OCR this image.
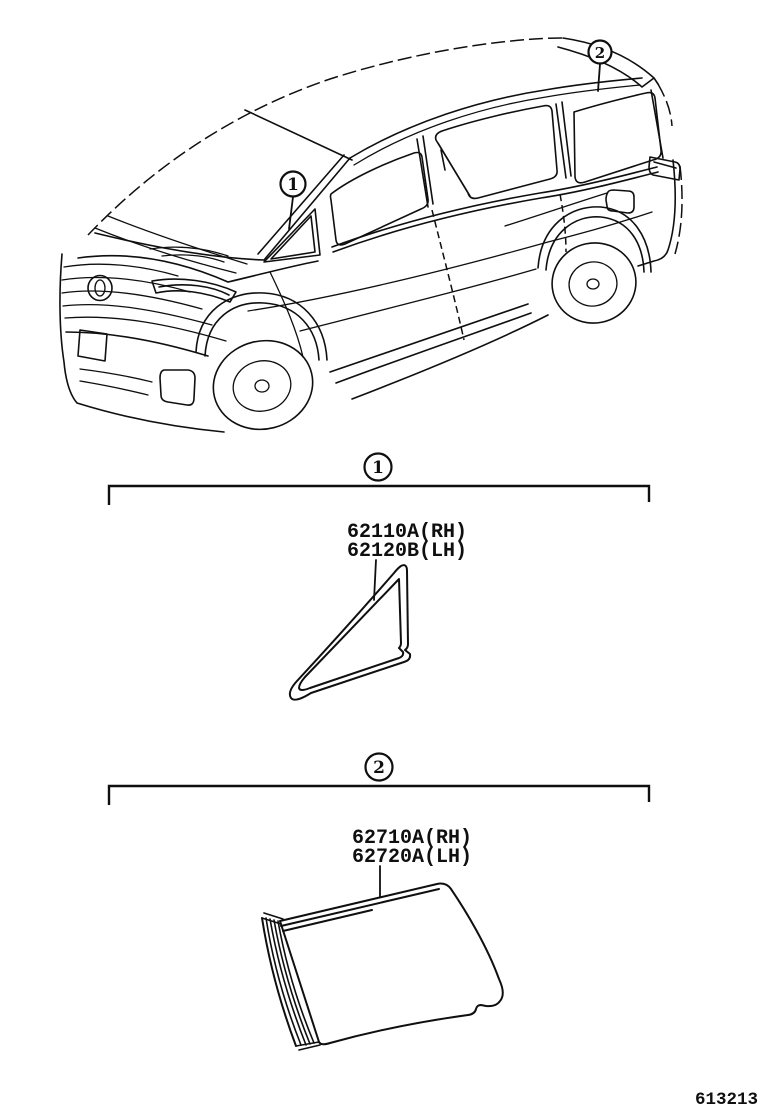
1
2
1
62110A(RH)
62120B(LH)
2
62710A(RH)
62720A(LH)
613213
